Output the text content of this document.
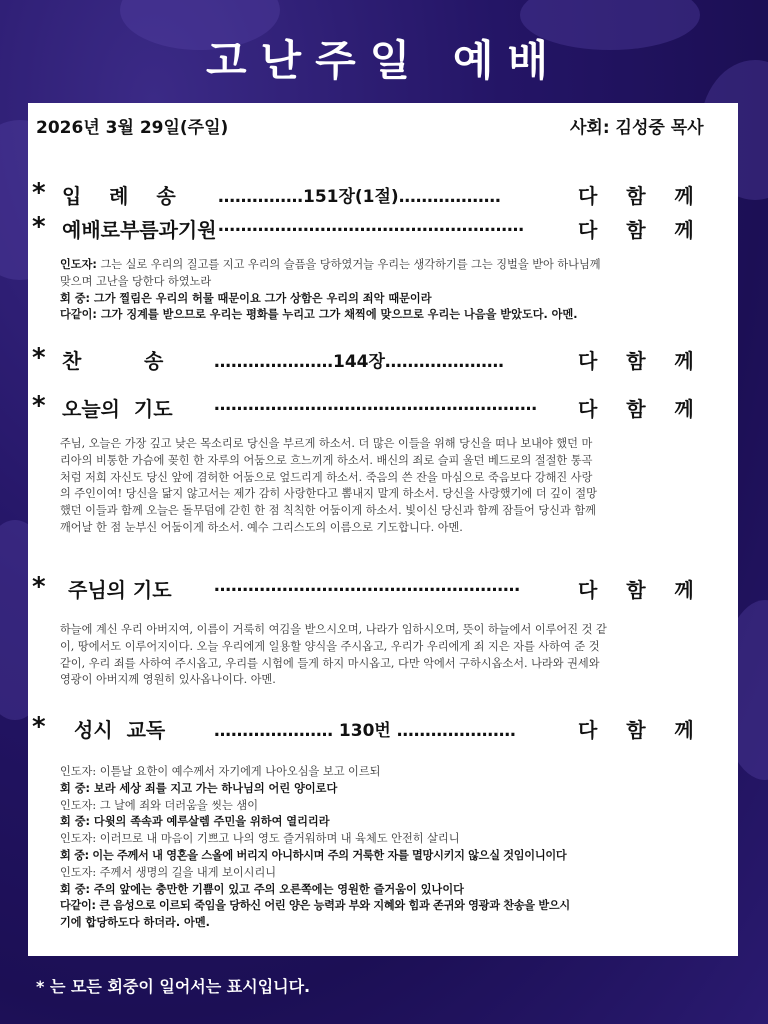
고난주일 예배
2026년 3월 29일(주일)	사회: 김성중 목사
* 입    례    송 ……………151장(1절)………………	다   함   께
* 예배로부름과기원 ………………………………………………	다   함   께
인도자: 그는 실로 우리의 질고를 지고 우리의 슬픔을 당하였거늘 우리는 생각하기를 그는 징벌을 받아 하나님께
맞으며 고난을 당한다 하였노라
회 중: 그가 찔림은 우리의 허물 때문이요 그가 상함은 우리의 죄악 때문이라
다같이: 그가 징계를 받으므로 우리는 평화를 누리고 그가 채찍에 맞으므로 우리는 나음을 받았도다. 아멘.
* 찬         송	…………………144장…………………	다   함   께
* 오늘의  기도 ………………………………………………… 다   함   께
주님, 오늘은 가장 깊고 낮은 목소리로 당신을 부르게 하소서. 더 많은 이들을 위해 당신을 떠나 보내야 했던 마
리아의 비통한 가슴에 꽂힌 한 자루의 어둠으로 흐느끼게 하소서. 배신의 죄로 슬피 울던 베드로의 절절한 통곡
처럼 저희 자신도 당신 앞에 겸허한 어둠으로 엎드리게 하소서. 죽음의 쓴 잔을 마심으로 죽음보다 강해진 사랑
의 주인이여! 당신을 닮지 않고서는 제가 감히 사랑한다고 뽐내지 말게 하소서. 당신을 사랑했기에 더 깊이 절망
했던 이들과 함께 오늘은 돌무덤에 갇힌 한 점 칙칙한 어둠이게 하소서. 빛이신 당신과 함께 잠들어 당신과 함께
깨어날 한 점 눈부신 어둠이게 하소서. 예수 그리스도의 이름으로 기도합니다. 아멘.
* 주님의 기도 ………………………………………………	다   함   께
하늘에 계신 우리 아버지여, 이름이 거룩히 여김을 받으시오며, 나라가 임하시오며, 뜻이 하늘에서 이루어진 것 같
이, 땅에서도 이루어지이다. 오늘 우리에게 일용할 양식을 주시옵고, 우리가 우리에게 죄 지은 자를 사하여 준 것
같이, 우리 죄를 사하여 주시옵고, 우리를 시험에 들게 하지 마시옵고, 다만 악에서 구하시옵소서. 나라와 권세와
영광이 아버지께 영원히 있사옵나이다. 아멘.
* 성시  교독	………………… 130번 …………………	다   함   께
인도자: 이튿날 요한이 예수께서 자기에게 나아오심을 보고 이르되
회 중: 보라 세상 죄를 지고 가는 하나님의 어린 양이로다
인도자: 그 날에 죄와 더러움을 씻는 샘이
회 중: 다윗의 족속과 예루살렘 주민을 위하여 열리리라
인도자: 이러므로 내 마음이 기쁘고 나의 영도 즐거워하며 내 육체도 안전히 살리니
회 중: 이는 주께서 내 영혼을 스올에 버리지 아니하시며 주의 거룩한 자를 멸망시키지 않으실 것임이니이다
인도자: 주께서 생명의 길을 내게 보이시리니
회 중: 주의 앞에는 충만한 기쁨이 있고 주의 오른쪽에는 영원한 즐거움이 있나이다
다같이: 큰 음성으로 이르되 죽임을 당하신 어린 양은 능력과 부와 지혜와 힘과 존귀와 영광과 찬송을 받으시
기에 합당하도다 하더라. 아멘.
* 는 모든 회중이 일어서는 표시입니다.
